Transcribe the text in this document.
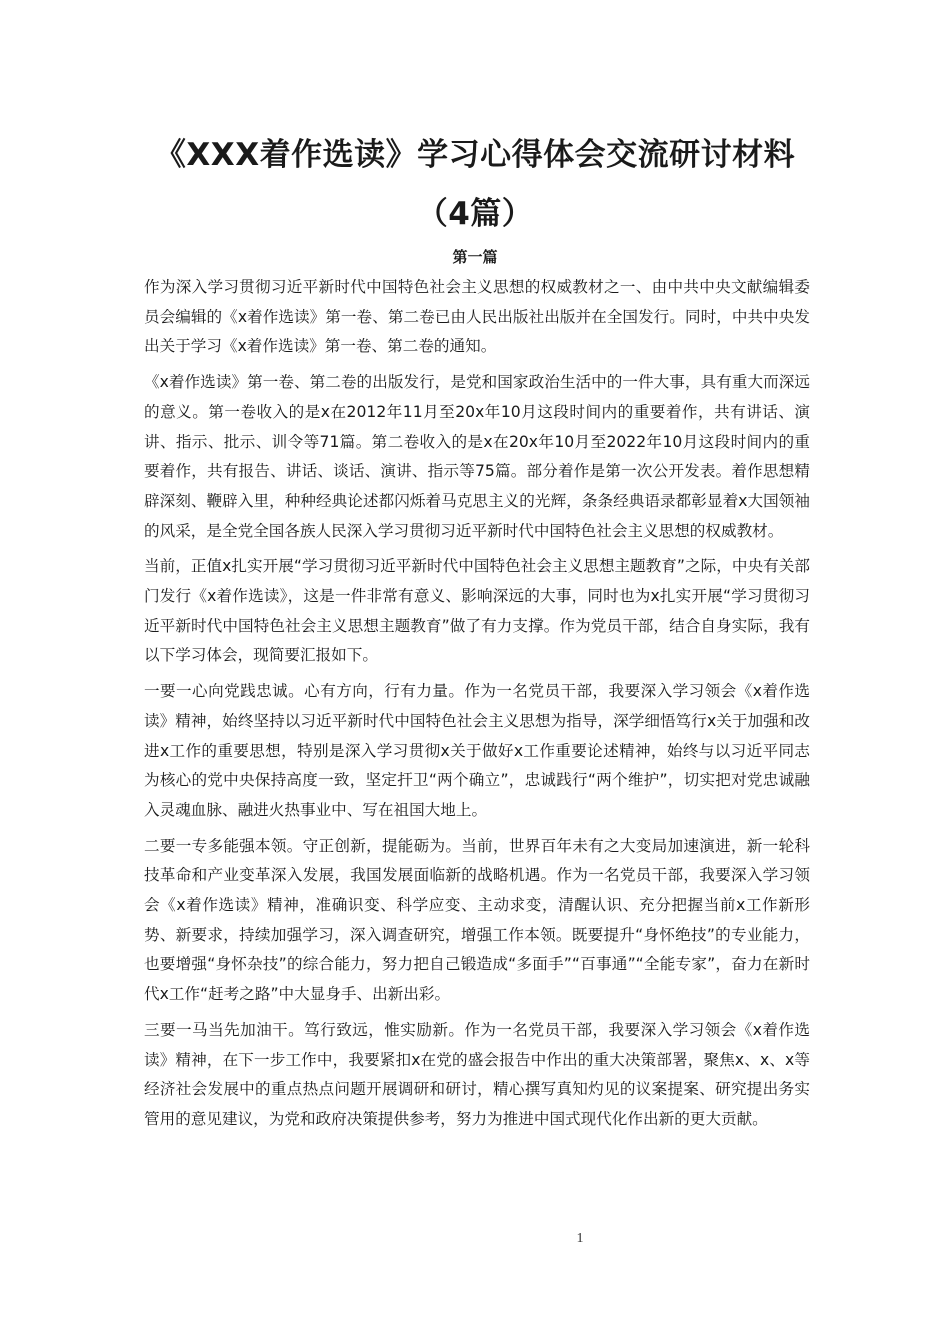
《XXX着作选读》学习心得体会交流研讨材料
（4篇）
第一篇

作为深入学习贯彻习近平新时代中国特色社会主义思想的权威教材之一、由中共中央文献编辑委员会编辑的《x着作选读》第一卷、第二卷已由人民出版社出版并在全国发行。同时，中共中央发出关于学习《x着作选读》第一卷、第二卷的通知。

《x着作选读》第一卷、第二卷的出版发行，是党和国家政治生活中的一件大事，具有重大而深远的意义。第一卷收入的是x在2012年11月至20x年10月这段时间内的重要着作，共有讲话、演讲、指示、批示、训令等71篇。第二卷收入的是x在20x年10月至2022年10月这段时间内的重要着作，共有报告、讲话、谈话、演讲、指示等75篇。部分着作是第一次公开发表。着作思想精辟深刻、鞭辟入里，种种经典论述都闪烁着马克思主义的光辉，条条经典语录都彰显着x大国领袖的风采，是全党全国各族人民深入学习贯彻习近平新时代中国特色社会主义思想的权威教材。

当前，正值x扎实开展“学习贯彻习近平新时代中国特色社会主义思想主题教育”之际，中央有关部门发行《x着作选读》，这是一件非常有意义、影响深远的大事，同时也为x扎实开展“学习贯彻习近平新时代中国特色社会主义思想主题教育”做了有力支撑。作为党员干部，结合自身实际，我有以下学习体会，现简要汇报如下。

一要一心向党践忠诚。心有方向，行有力量。作为一名党员干部，我要深入学习领会《x着作选读》精神，始终坚持以习近平新时代中国特色社会主义思想为指导，深学细悟笃行x关于加强和改进x工作的重要思想，特别是深入学习贯彻x关于做好x工作重要论述精神，始终与以习近平同志为核心的党中央保持高度一致，坚定扞卫“两个确立”，忠诚践行“两个维护”，切实把对党忠诚融入灵魂血脉、融进火热事业中、写在祖国大地上。

二要一专多能强本领。守正创新，提能砺为。当前，世界百年未有之大变局加速演进，新一轮科技革命和产业变革深入发展，我国发展面临新的战略机遇。作为一名党员干部，我要深入学习领会《x着作选读》精神，准确识变、科学应变、主动求变，清醒认识、充分把握当前x工作新形势、新要求，持续加强学习，深入调查研究，增强工作本领。既要提升“身怀绝技”的专业能力，也要增强“身怀杂技”的综合能力，努力把自己锻造成“多面手”“百事通”“全能专家”，奋力在新时代x工作“赶考之路”中大显身手、出新出彩。

三要一马当先加油干。笃行致远，惟实励新。作为一名党员干部，我要深入学习领会《x着作选读》精神，在下一步工作中，我要紧扣x在党的盛会报告中作出的重大决策部署，聚焦x、x、x等经济社会发展中的重点热点问题开展调研和研讨，精心撰写真知灼见的议案提案、研究提出务实管用的意见建议，为党和政府决策提供参考，努力为推进中国式现代化作出新的更大贡献。

1
